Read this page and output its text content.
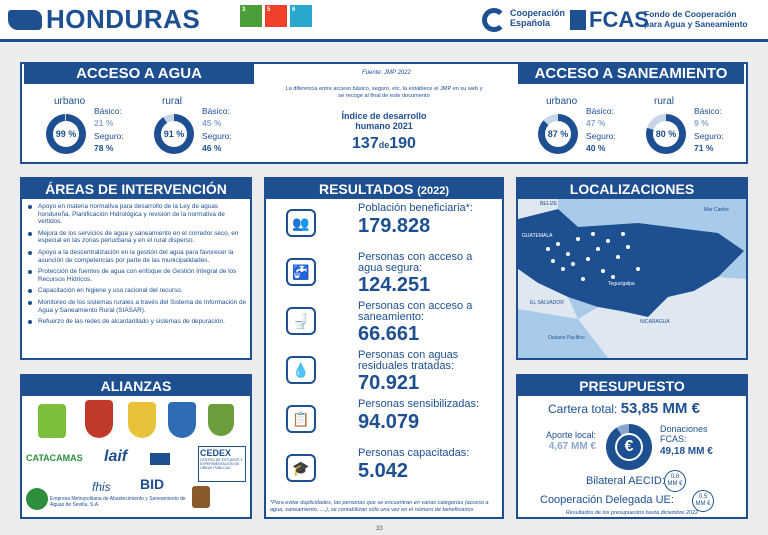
HONDURAS	3	5	6	Cooperación
Española	FCAS
Fondo de Cooperación
para Agua y Saneamiento
ACCESO A AGUA	ACCESO A SANEAMIENTO
Fuente: JMP 2022
La diferencia entre acceso básico, seguro, etc. la establece el JMP en su web y se recoge al final de este documento
Índice de desarrollo humano 2021
137de190
urbano
99 %
Básico:
21 %
Seguro:
78 %
rural
91 %
Básico:
45 %
Seguro:
46 %
urbano
87 %
Básico:
47 %
Seguro:
40 %
rural
80 %
Básico:
9 %
Seguro:
71 %
ÁREAS DE INTERVENCIÓN
Apoyo en materia normativa para desarrollo de la Ley de aguas hondureña, Planificación Hidrológica y revisión de la normativa de vertidos.
Mejora de los servicios de agua y saneamiento en el corredor seco, en especial en las zonas periurbana y en el rural disperso.
Apoyo a la descentralización en la gestión del agua para favorecer la asunción de competencias por parte de las municipalidades.
Protección de fuentes de agua con enfoque de Gestión Integral de los Recursos Hídricos.
Capacitación en higiene y uso racional del recurso.
Monitoreo de los sistemas rurales a través del Sistema de Información de Agua y Saneamiento Rural (SIASAR).
Refuerzo de las redes de alcantarillado y sistemas de depuración.
RESULTADOS (2022)
👥
Población beneficiaria*:
179.828
🚰
Personas con acceso a agua segura:
124.251
🚽
Personas con acceso a saneamiento:
66.661
💧
Personas con aguas residuales tratadas:
70.921
📋
Personas sensibilizadas:
94.079
🎓
Personas capacitadas:
5.042
*Para evitar duplicidades, las personas que se encuentran en varias categorías (acceso a agua, saneamiento, ....), se contabilizan sólo una vez en el número de beneficiarios
LOCALIZACIONES
BELIZE
GUATEMALA
EL SALVADOR
NICARAGUA
Tegucigalpa
Mar Caribe
Océano Pacífico
ALIANZAS
CATACAMAS laif	CEDEX
CENTRO DE ESTUDIOS Y EXPERIMENTACIÓN DE OBRAS PÚBLICAS
fhis BID
Empresa Metropolitana de Abastecimiento y Saneamiento de Aguas de Sevilla, S.A.
PRESUPUESTO
Cartera total: 53,85 MM €
Aporte local:
4,67 MM €	€
Donaciones FCAS:
49,18 MM €
Bilateral AECID: 0,8
MM €
Cooperación Delegada UE:	0,5
MM €
Resultados de los presupuestos hasta diciembre 2022
33
